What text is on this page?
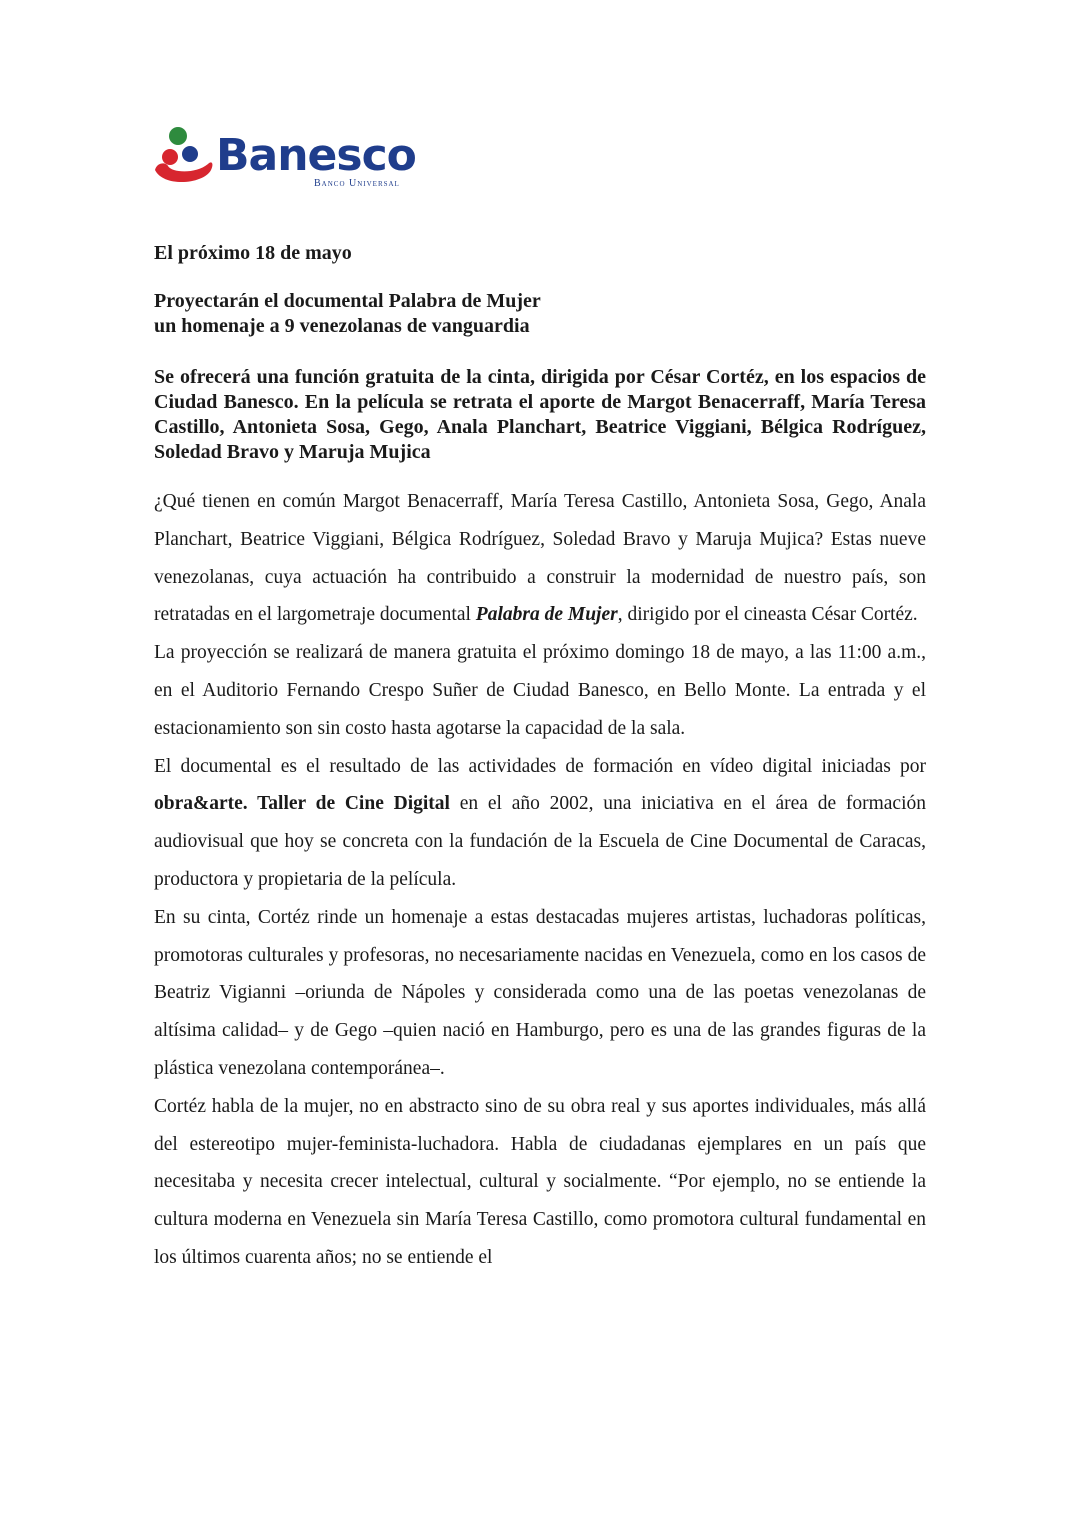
Banesco
Banco Universal
El próximo 18 de mayo
Proyectarán el documental Palabra de Mujer
un homenaje a 9 venezolanas de vanguardia
Se ofrecerá una función gratuita de la cinta, dirigida por César Cortéz, en los espacios de Ciudad Banesco. En la película se retrata el aporte de Margot Benacerraff, María Teresa Castillo, Antonieta Sosa, Gego, Anala Planchart, Beatrice Viggiani, Bélgica Rodríguez, Soledad Bravo y Maruja Mujica

¿Qué tienen en común Margot Benacerraff, María Teresa Castillo, Antonieta Sosa, Gego, Anala Planchart, Beatrice Viggiani, Bélgica Rodríguez, Soledad Bravo y Maruja Mujica? Estas nueve venezolanas, cuya actuación ha contribuido a construir la modernidad de nuestro país, son retratadas en el largometraje documental Palabra de Mujer, dirigido por el cineasta César Cortéz.

La proyección se realizará de manera gratuita el próximo domingo 18 de mayo, a las 11:00 a.m., en el Auditorio Fernando Crespo Suñer de Ciudad Banesco, en Bello Monte. La entrada y el estacionamiento son sin costo hasta agotarse la capacidad de la sala.

El documental es el resultado de las actividades de formación en vídeo digital iniciadas por obra&arte. Taller de Cine Digital en el año 2002, una iniciativa en el área de formación audiovisual que hoy se concreta con la fundación de la Escuela de Cine Documental de Caracas, productora y propietaria de la película.

En su cinta, Cortéz rinde un homenaje a estas destacadas mujeres artistas, luchadoras políticas, promotoras culturales y profesoras, no necesariamente nacidas en Venezuela, como en los casos de Beatriz Vigianni –oriunda de Nápoles y considerada como una de las poetas venezolanas de altísima calidad– y de Gego –quien nació en Hamburgo, pero es una de las grandes figuras de la plástica venezolana contemporánea–.

Cortéz habla de la mujer, no en abstracto sino de su obra real y sus aportes individuales, más allá del estereotipo mujer-feminista-luchadora. Habla de ciudadanas ejemplares en un país que necesitaba y necesita crecer intelectual, cultural y socialmente. “Por ejemplo, no se entiende la cultura moderna en Venezuela sin María Teresa Castillo, como promotora cultural fundamental en los últimos cuarenta años; no se entiende el
